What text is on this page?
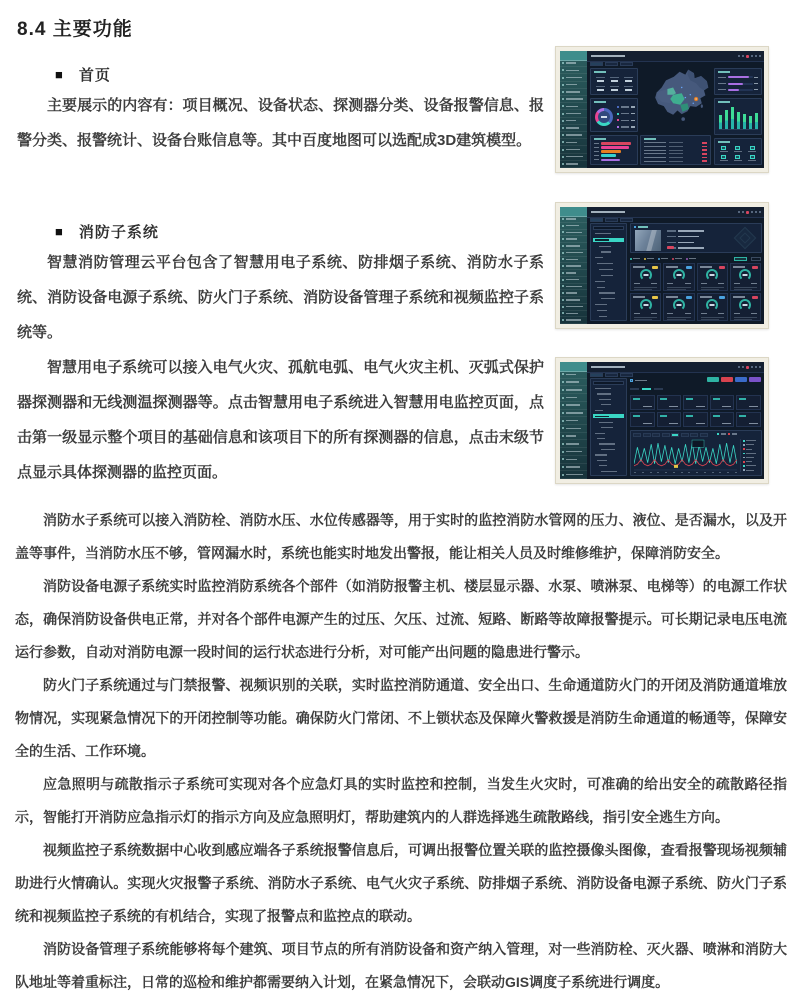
8.4 主要功能
■ 首页

主要展示的内容有：项目概况、设备状态、探测器分类、设备报警信息、报警分类、报警统计、设备台账信息等。其中百度地图可以选配成3D建筑模型。

■ 消防子系统

智慧消防管理云平台包含了智慧用电子系统、防排烟子系统、消防水子系统、消防设备电源子系统、防火门子系统、消防设备管理子系统和视频监控子系统等。

智慧用电子系统可以接入电气火灾、孤航电弧、电气火灾主机、灭弧式保护器探测器和无线测温探测器等。点击智慧用电子系统进入智慧用电监控页面，点击第一级显示整个项目的基础信息和该项目下的所有探测器的信息，点击末级节点显示具体探测器的监控页面。

消防水子系统可以接入消防栓、消防水压、水位传感器等，用于实时的监控消防水管网的压力、液位、是否漏水，以及开盖等事件，当消防水压不够，管网漏水时，系统也能实时地发出警报，能让相关人员及时维修维护，保障消防安全。

消防设备电源子系统实时监控消防系统各个部件（如消防报警主机、楼层显示器、水泵、喷淋泵、电梯等）的电源工作状态，确保消防设备供电正常，并对各个部件电源产生的过压、欠压、过流、短路、断路等故障报警提示。可长期记录电压电流运行参数，自动对消防电源一段时间的运行状态进行分析，对可能产出问题的隐患进行警示。

防火门子系统通过与门禁报警、视频识别的关联，实时监控消防通道、安全出口、生命通道防火门的开闭及消防通道堆放物情况，实现紧急情况下的开闭控制等功能。确保防火门常闭、不上锁状态及保障火警救援是消防生命通道的畅通等，保障安全的生活、工作环境。

应急照明与疏散指示子系统可实现对各个应急灯具的实时监控和控制，当发生火灾时，可准确的给出安全的疏散路径指示，智能打开消防应急指示灯的指示方向及应急照明灯，帮助建筑内的人群选择逃生疏散路线，指引安全逃生方向。

视频监控子系统数据中心收到感应端各子系统报警信息后，可调出报警位置关联的监控摄像头图像，查看报警现场视频辅助进行火情确认。实现火灾报警子系统、消防水子系统、电气火灾子系统、防排烟子系统、消防设备电源子系统、防火门子系统和视频监控子系统的有机结合，实现了报警点和监控点的联动。

消防设备管理子系统能够将每个建筑、项目节点的所有消防设备和资产纳入管理，对一些消防栓、灭火器、喷淋和消防大队地址等着重标注，日常的巡检和维护都需要纳入计划，在紧急情况下，会联动GIS调度子系统进行调度。
